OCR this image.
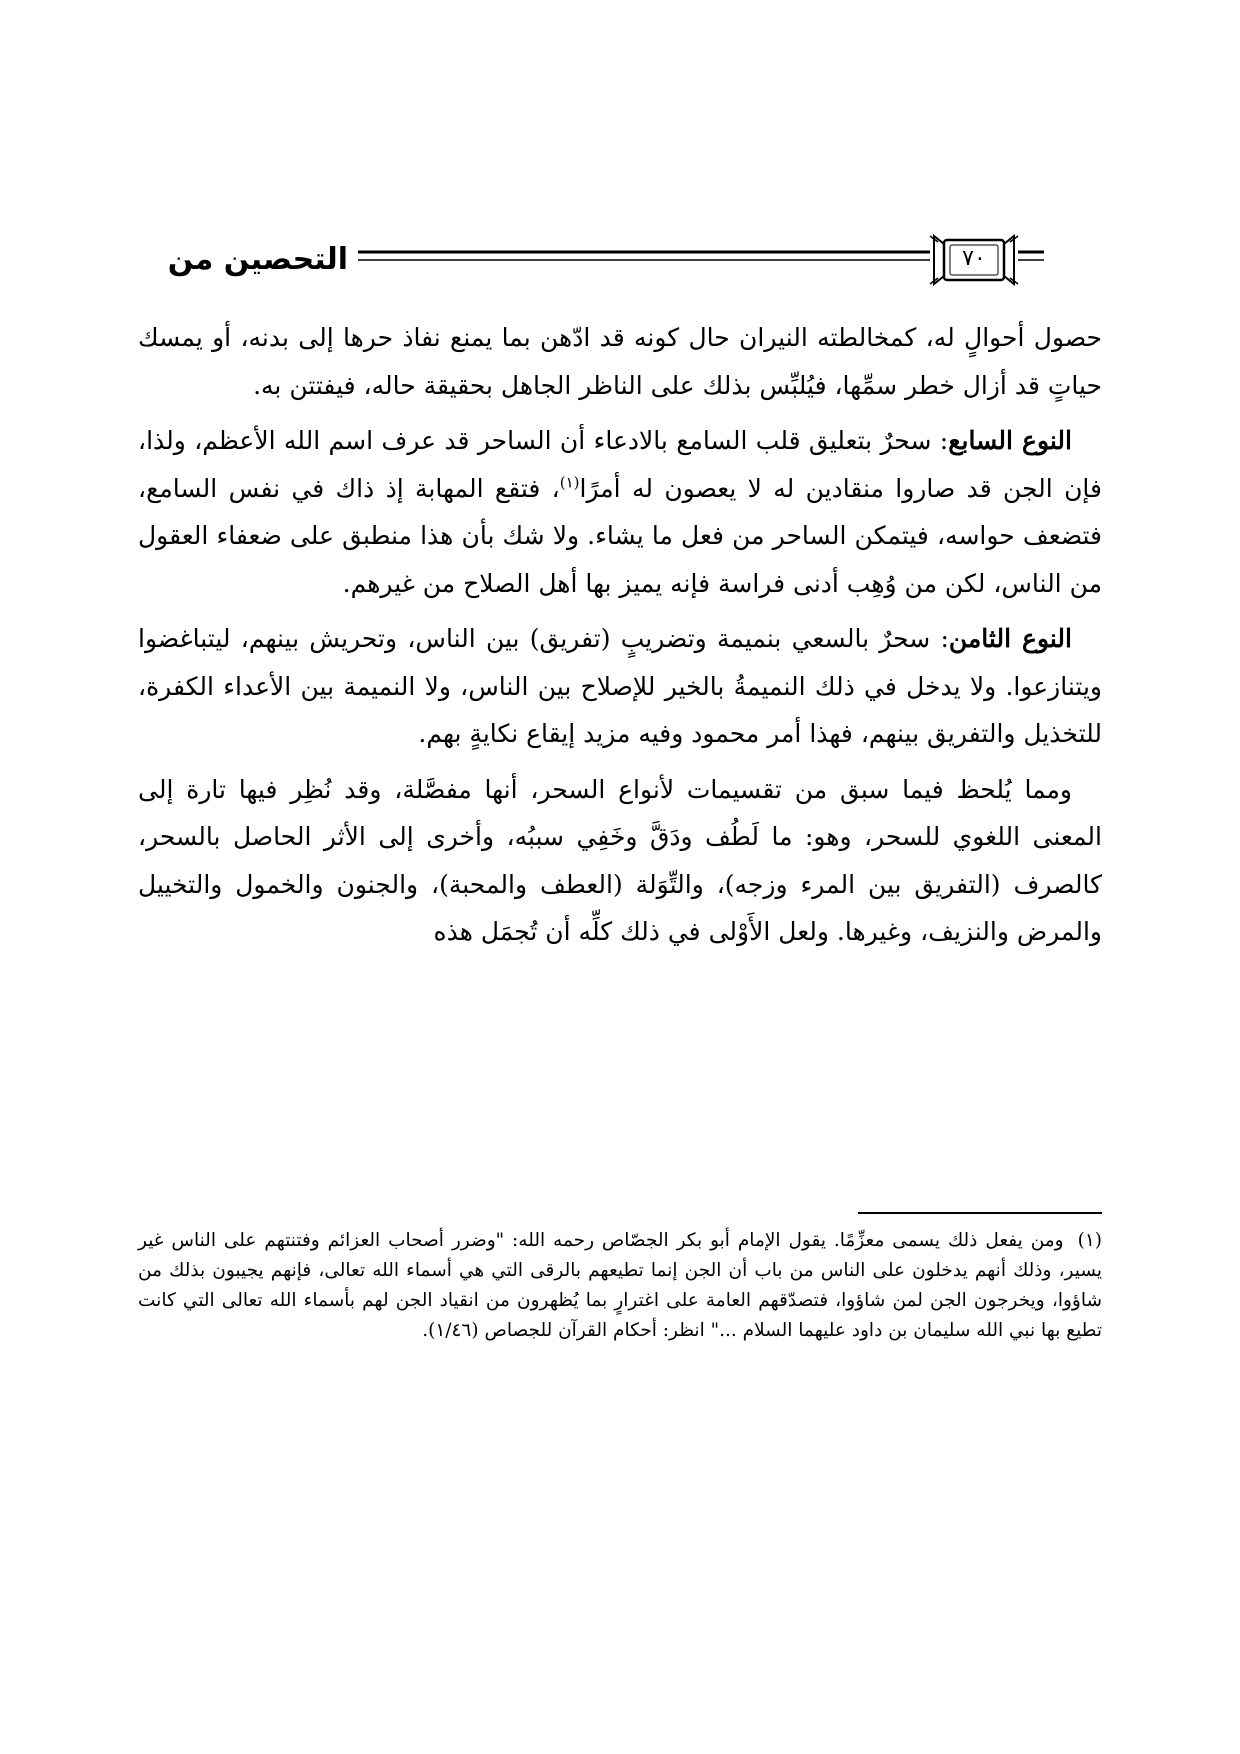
٧٠
التحصين من

حصول أحوالٍ له، كمخالطته النيران حال كونه قد ادّهن بما يمنع نفاذ حرها إلى بدنه، أو يمسك حياتٍ قد أزال خطر سمِّها، فيُلبِّس بذلك على الناظر الجاهل بحقيقة حاله، فيفتتن به.

النوع السابع: سحرٌ بتعليق قلب السامع بالادعاء أن الساحر قد عرف اسم الله الأعظم، ولذا، فإن الجن قد صاروا منقادين له لا يعصون له أمرًا$^{(١)}$، فتقع المهابة إذ ذاك في نفس السامع، فتضعف حواسه، فيتمكن الساحر من فعل ما يشاء. ولا شك بأن هذا منطبق على ضعفاء العقول من الناس، لكن من وُهِب أدنى فراسة فإنه يميز بها أهل الصلاح من غيرهم.

النوع الثامن: سحرٌ بالسعي بنميمة وتضريبٍ (تفريق) بين الناس، وتحريش بينهم، ليتباغضوا ويتنازعوا. ولا يدخل في ذلك النميمةُ بالخير للإصلاح بين الناس، ولا النميمة بين الأعداء الكفرة، للتخذيل والتفريق بينهم، فهذا أمر محمود وفيه مزيد إيقاع نكايةٍ بهم.

ومما يُلحظ فيما سبق من تقسيمات لأنواع السحر، أنها مفصَّلة، وقد نُظِر فيها تارة إلى المعنى اللغوي للسحر، وهو: ما لَطُف ودَقَّ وخَفِي سببُه، وأخرى إلى الأثر الحاصل بالسحر، كالصرف (التفريق بين المرء وزجه)، والتِّوَلة (العطف والمحبة)، والجنون والخمول والتخييل والمرض والنزيف، وغيرها. ولعل الأَوْلى في ذلك كلِّه أن تُجمَل هذه

(١)ومن يفعل ذلك يسمى معزِّمًا. يقول الإمام أبو بكر الجصّاص رحمه الله: "وضرر أصحاب العزائم وفتنتهم على الناس غير يسير، وذلك أنهم يدخلون على الناس من باب أن الجن إنما تطيعهم بالرقى التي هي أسماء الله تعالى، فإنهم يجيبون بذلك من شاؤوا، ويخرجون الجن لمن شاؤوا، فتصدّقهم العامة على اغترارٍ بما يُظهرون من انقياد الجن لهم بأسماء الله تعالى التي كانت تطيع بها نبي الله سليمان بن داود عليهما السلام ..." انظر: أحكام القرآن للجصاص (١/٤٦).
